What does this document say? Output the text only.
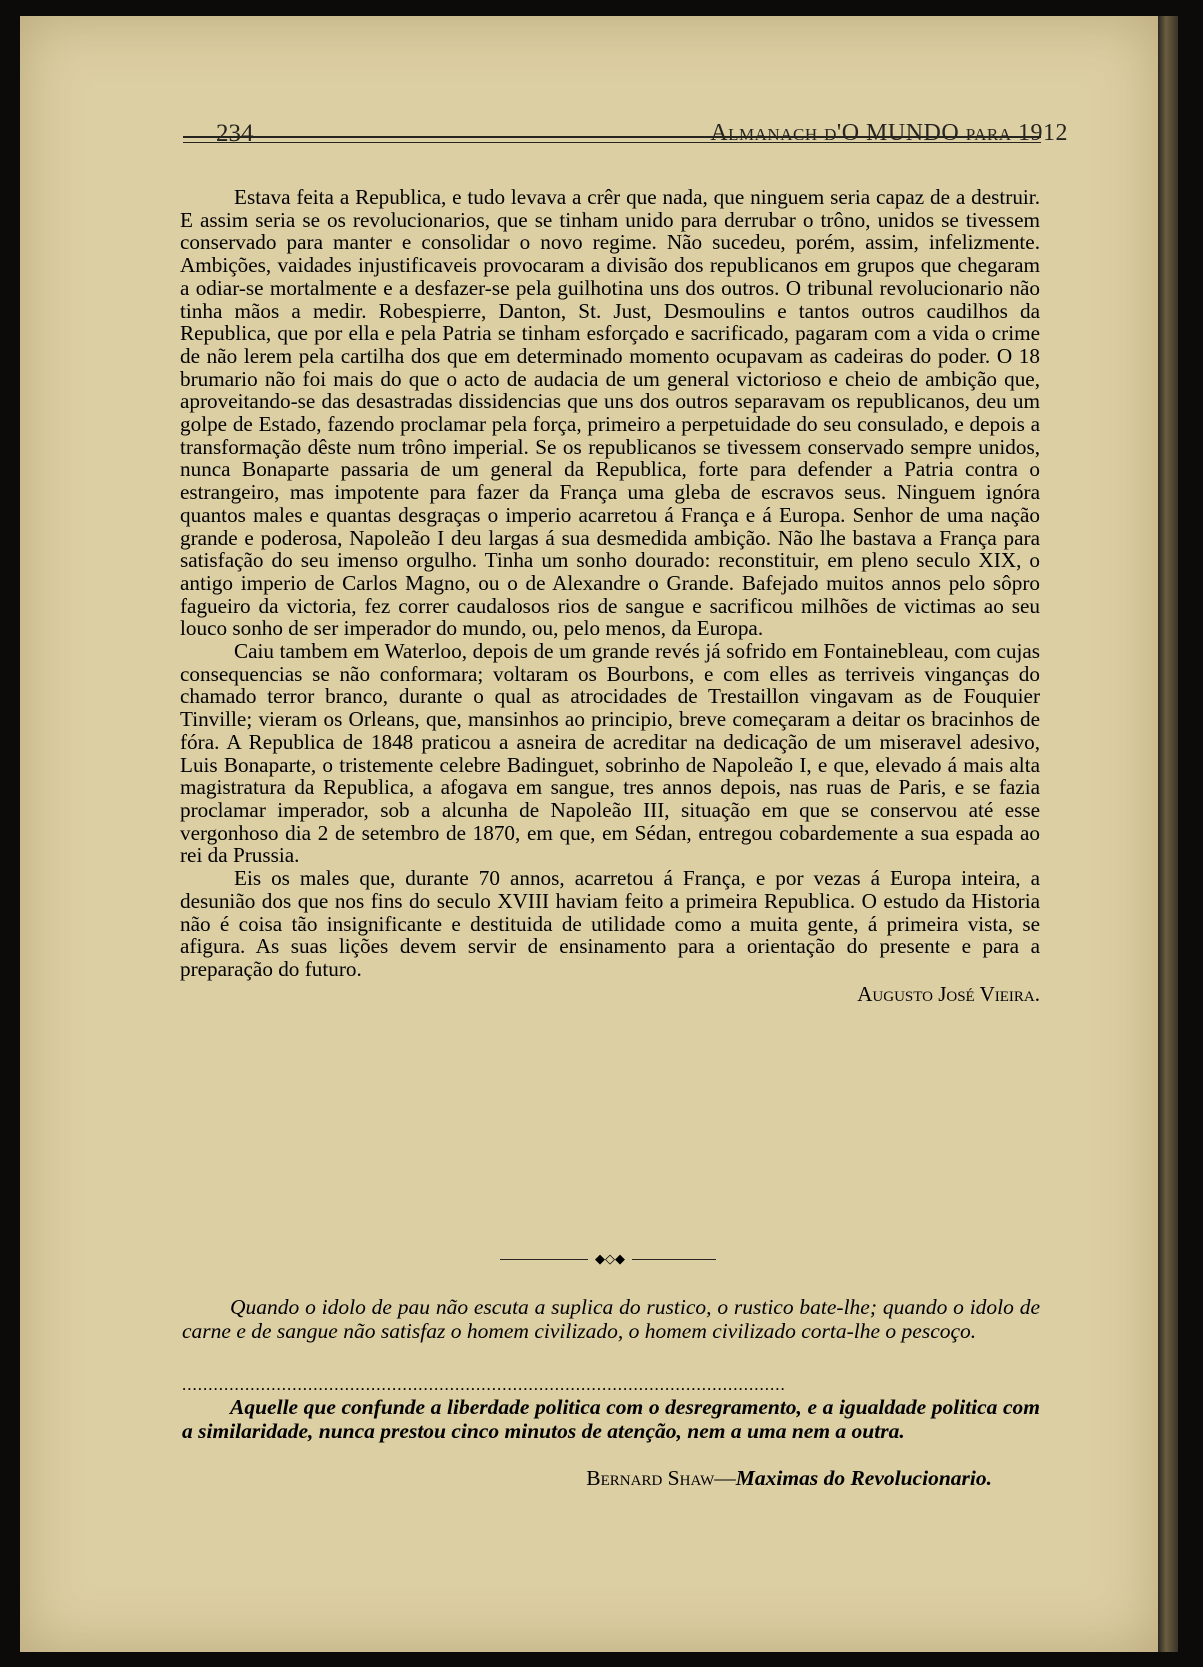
234	Almanach d'O MUNDO para 1912

Estava feita a Republica, e tudo levava a crêr que nada, que ninguem seria capaz de a destruir. E assim seria se os revolucionarios, que se tinham unido para derrubar o trôno, unidos se tivessem conservado para manter e consolidar o novo regime. Não sucedeu, porém, assim, infelizmente. Ambições, vaidades injustificaveis provocaram a divisão dos republicanos em grupos que chegaram a odiar-se mortalmente e a desfazer-se pela guilhotina uns dos outros. O tribunal revolucionario não tinha mãos a medir. Robespierre, Danton, St. Just, Desmoulins e tantos outros caudilhos da Republica, que por ella e pela Patria se tinham esforçado e sacrificado, pagaram com a vida o crime de não lerem pela cartilha dos que em determinado momento ocupavam as cadeiras do poder. O 18 brumario não foi mais do que o acto de audacia de um general victorioso e cheio de ambição que, aproveitando-se das desastradas dissidencias que uns dos outros separavam os republicanos, deu um golpe de Estado, fazendo proclamar pela força, primeiro a perpetuidade do seu consulado, e depois a transformação dêste num trôno imperial. Se os republicanos se tivessem conservado sempre unidos, nunca Bonaparte passaria de um general da Republica, forte para defender a Patria contra o estrangeiro, mas impotente para fazer da França uma gleba de escravos seus. Ninguem ignóra quantos males e quantas desgraças o imperio acarretou á França e á Europa. Senhor de uma nação grande e poderosa, Napoleão I deu largas á sua desmedida ambição. Não lhe bastava a França para satisfação do seu imenso orgulho. Tinha um sonho dourado: reconstituir, em pleno seculo XIX, o antigo imperio de Carlos Magno, ou o de Alexandre o Grande. Bafejado muitos annos pelo sôpro fagueiro da victoria, fez correr caudalosos rios de sangue e sacrificou milhões de victimas ao seu louco sonho de ser imperador do mundo, ou, pelo menos, da Europa.

Caiu tambem em Waterloo, depois de um grande revés já sofrido em Fontainebleau, com cujas consequencias se não conformara; voltaram os Bourbons, e com elles as terriveis vinganças do chamado terror branco, durante o qual as atrocidades de Trestaillon vingavam as de Fouquier Tinville; vieram os Orleans, que, mansinhos ao principio, breve começaram a deitar os bracinhos de fóra. A Republica de 1848 praticou a asneira de acreditar na dedicação de um miseravel adesivo, Luis Bonaparte, o tristemente celebre Badinguet, sobrinho de Napoleão I, e que, elevado á mais alta magistratura da Republica, a afogava em sangue, tres annos depois, nas ruas de Paris, e se fazia proclamar imperador, sob a alcunha de Napoleão III, situação em que se conservou até esse vergonhoso dia 2 de setembro de 1870, em que, em Sédan, entregou cobardemente a sua espada ao rei da Prussia.

Eis os males que, durante 70 annos, acarretou á França, e por vezas á Europa inteira, a desunião dos que nos fins do seculo XVIII haviam feito a primeira Republica. O estudo da Historia não é coisa tão insignificante e destituida de utilidade como a muita gente, á primeira vista, se afigura. As suas lições devem servir de ensinamento para a orientação do presente e para a preparação do futuro.

Augusto José Vieira.
◆◇◆

Quando o idolo de pau não escuta a suplica do rustico, o rustico bate-lhe; quando o idolo de carne e de sangue não satisfaz o homem civilizado, o homem civilizado corta-lhe o pescoço.

...................................................................................................................

Aquelle que confunde a liberdade politica com o desregramento, e a igualdade politica com a similaridade, nunca prestou cinco minutos de atenção, nem a uma nem a outra.

Bernard Shaw—Maximas do Revolucionario.
